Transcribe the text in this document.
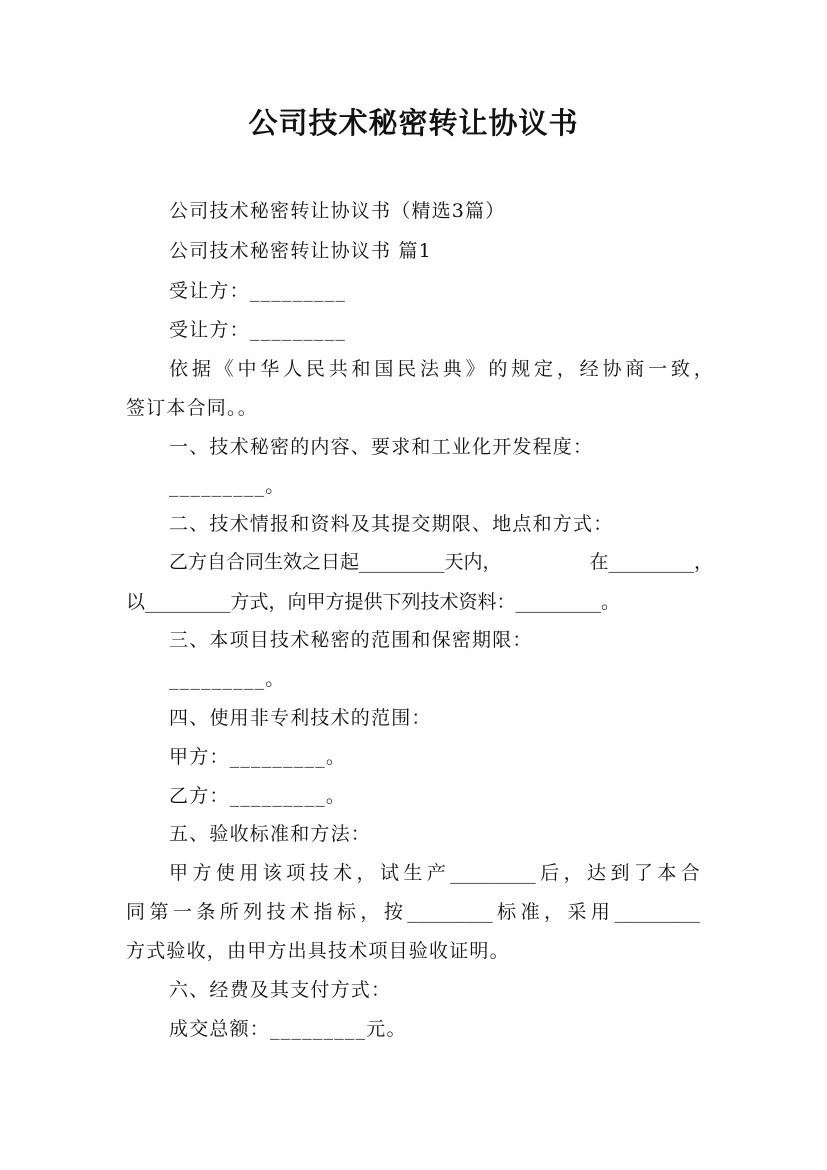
公司技术秘密转让协议书
公司技术秘密转让协议书（精选3篇）
公司技术秘密转让协议书 篇1
受让方：_________
受让方：_________
依 据 《 中 华 人 民 共 和 国 民 法 典 》 的 规 定 ， 经 协 商 一 致 ，
签订本合同。。
一、技术秘密的内容、要求和工业化开发程度：
_________。
二、技术情报和资料及其提交期限、地点和方式：
乙方自合同生效之日起_________天内，	在_________，
以_________方式，向甲方提供下列技术资料：_________。
三、本项目技术秘密的范围和保密期限：
_________。
四、使用非专利技术的范围：
甲方：_________。
乙方：_________。
五、验收标准和方法：
甲 方 使 用 该 项 技 术 ， 试 生 产 _________ 后 ， 达 到 了 本 合
同 第 一 条 所 列 技 术 指 标 ， 按 _________ 标 准 ， 采 用 _________
方式验收，由甲方出具技术项目验收证明。
六、经费及其支付方式：
成交总额：_________元。
